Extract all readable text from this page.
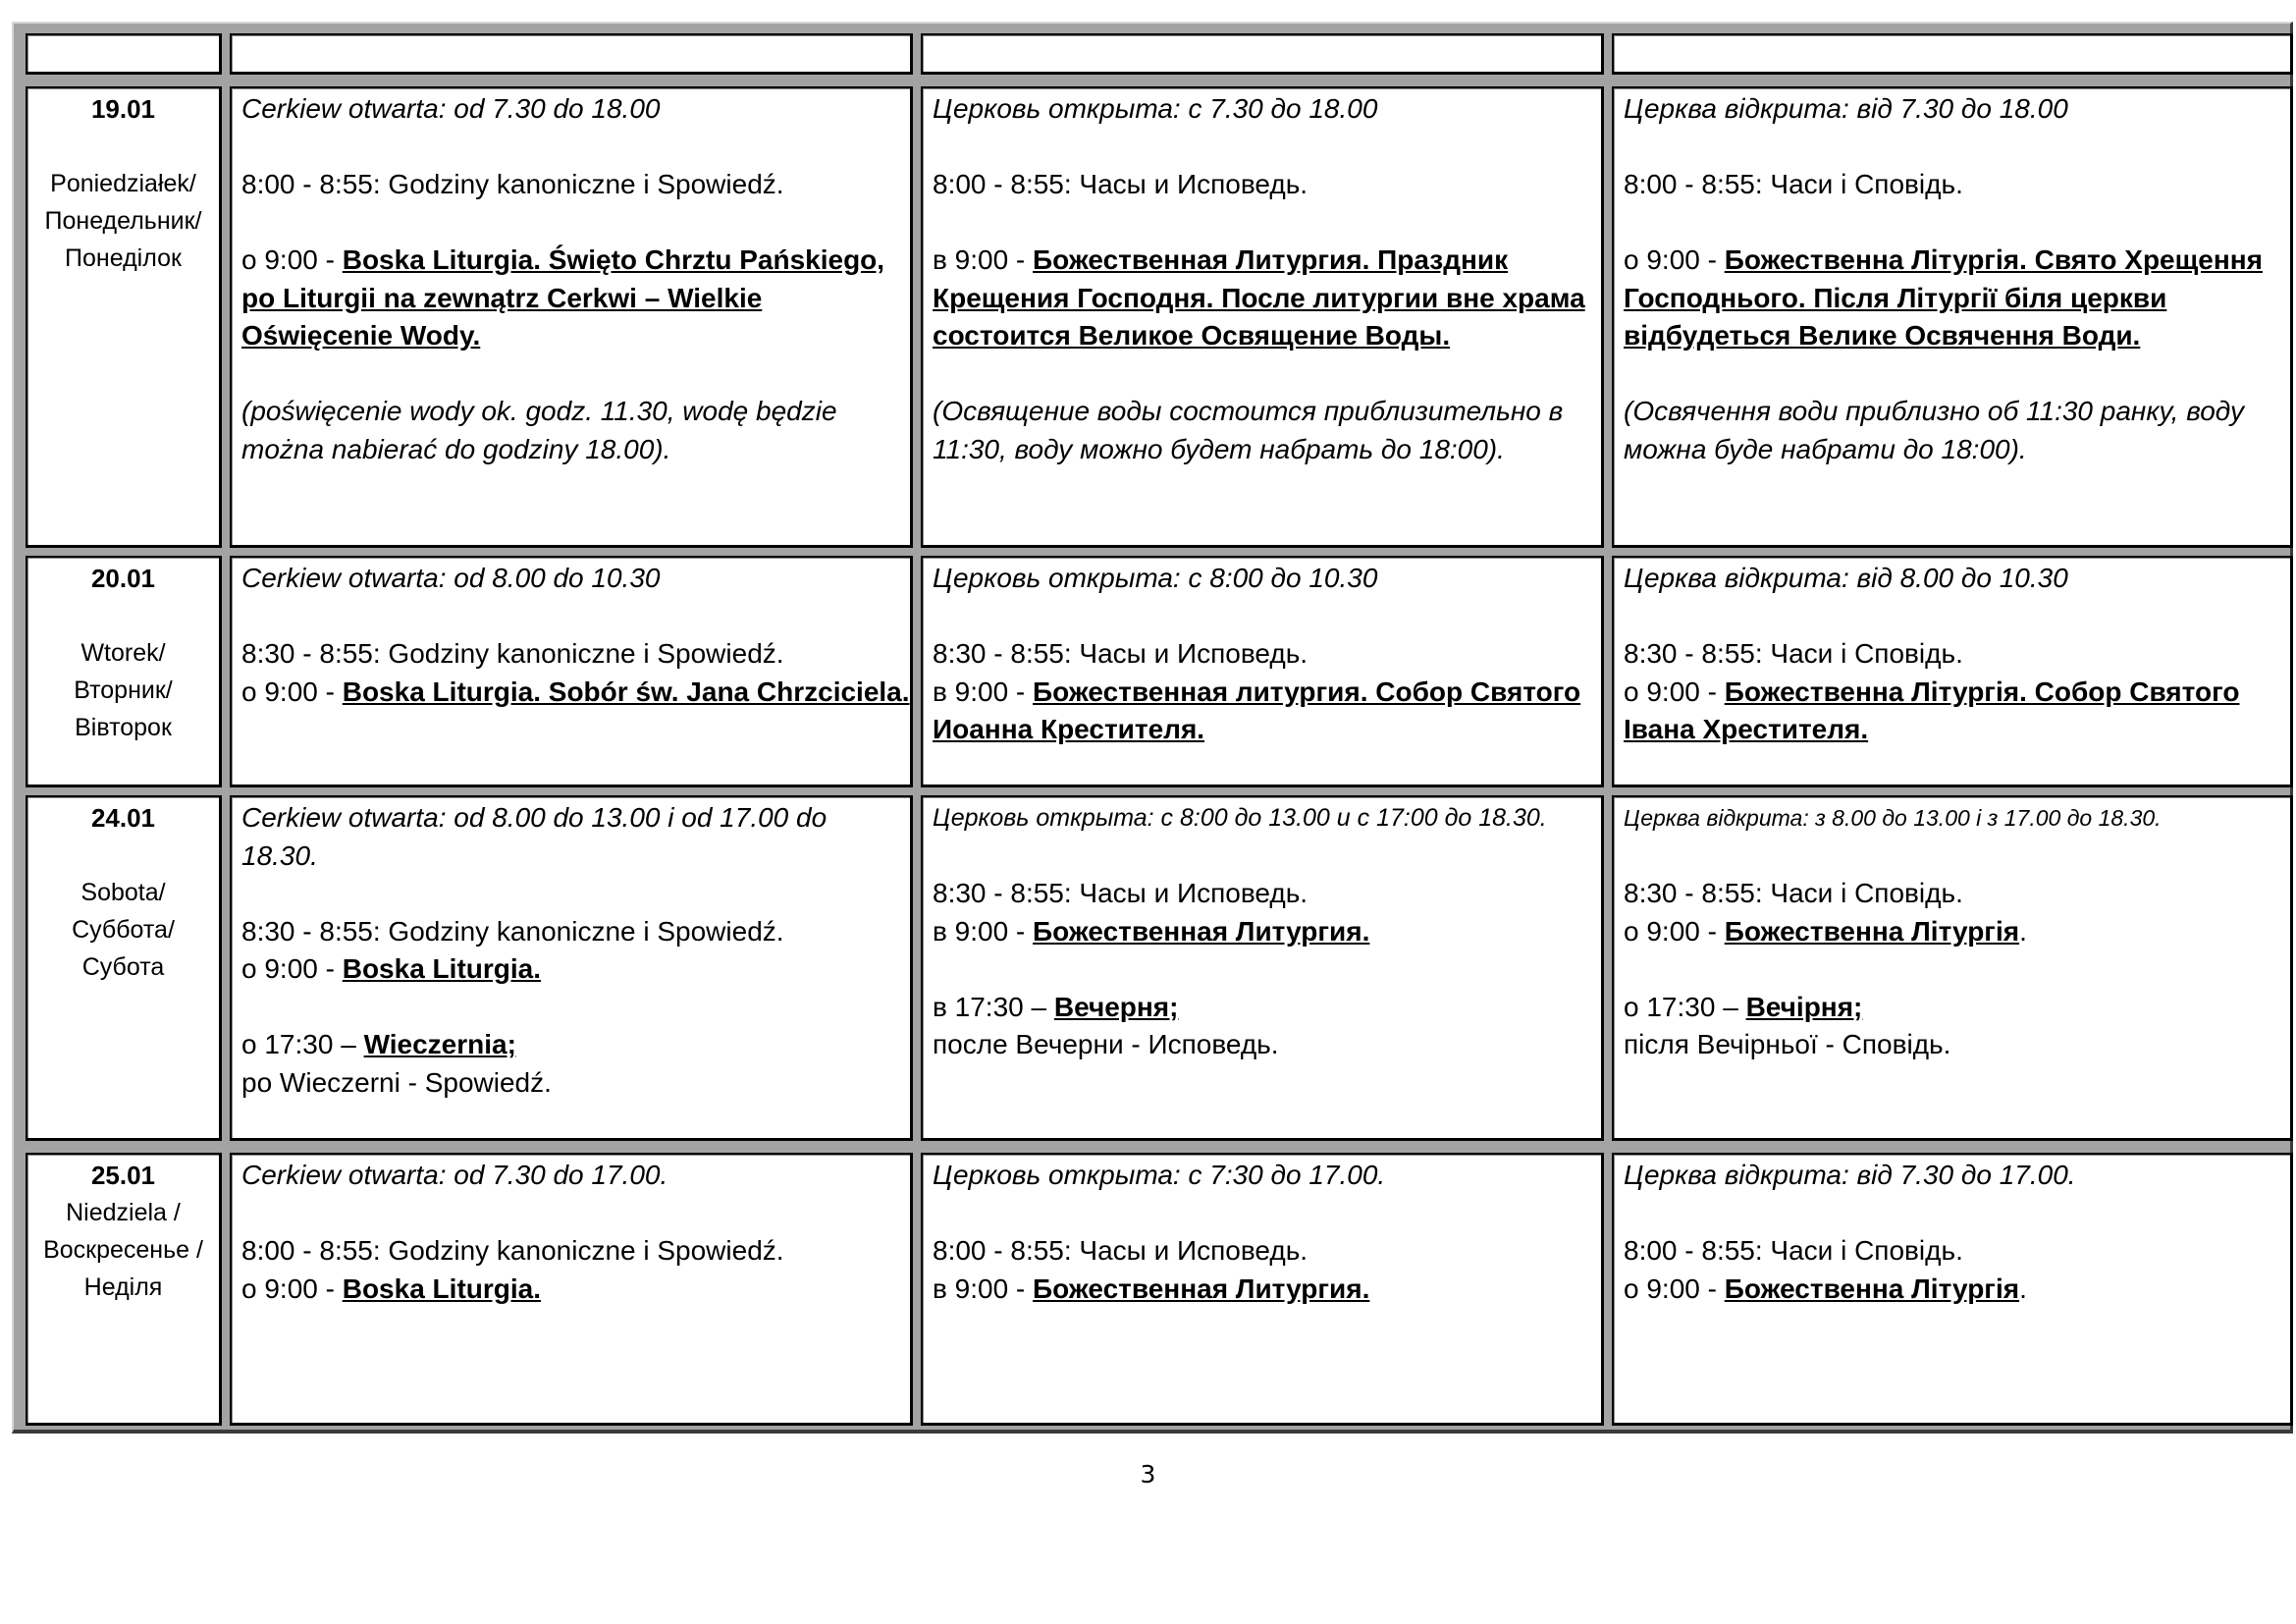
19.01
Poniedziałek/
Понедельник/
Понеділок

Cerkiew otwarta: od 7.30 do 18.00

8:00 - 8:55: Godziny kanoniczne i Spowiedź.

o 9:00 - Boska Liturgia. Święto Chrztu Pańskiego, po Liturgii na zewnątrz Cerkwi – Wielkie Oświęcenie Wody.

(poświęcenie wody ok. godz. 11.30, wodę będzie można nabierać do godziny 18.00).

Церковь открыта: с 7.30 до 18.00

8:00 - 8:55: Часы и Исповедь.

в 9:00 - Божественная Литургия. Праздник Крещения Господня. После литургии вне храма состоится Великое Освящение Воды.

(Освящение воды состоится приблизительно в 11:30, воду можно будет набрать до 18:00).

Церква відкрита: від 7.30 до 18.00

8:00 - 8:55: Часи і Сповідь.

о 9:00 - Божественна Літургія. Свято Хрещення Господнього. Після Літургії біля церкви відбудеться Велике Освячення Води.

(Освячення води приблизно об 11:30 ранку, воду можна буде набрати до 18:00).

20.01
Wtorek/
Вторник/
Вівторок

Cerkiew otwarta: od 8.00 do 10.30

8:30 - 8:55: Godziny kanoniczne i Spowiedź.

o 9:00 - Boska Liturgia. Sobór św. Jana Chrzciciela.

Церковь открыта: с 8:00 до 10.30

8:30 - 8:55: Часы и Исповедь.

в 9:00 - Божественная литургия. Собор Святого Иоанна Крестителя.

Церква відкрита: від 8.00 до 10.30

8:30 - 8:55: Часи і Сповідь.

о 9:00 - Божественна Літургія. Собор Святого Івана Хрестителя.

24.01
Sobota/
Суббота/
Субота

Cerkiew otwarta: od 8.00 do 13.00 i od 17.00 do 18.30.

8:30 - 8:55: Godziny kanoniczne i Spowiedź.

o 9:00 - Boska Liturgia.

o 17:30 – Wieczernia;

po Wieczerni - Spowiedź.

Церковь открыта: с 8:00 до 13.00 и с 17:00 до 18.30.

8:30 - 8:55: Часы и Исповедь.

в 9:00 - Божественная Литургия.

в 17:30 – Вечерня;

после Вечерни - Исповедь.

Церква відкрита: з 8.00 до 13.00 і з 17.00 до 18.30.

8:30 - 8:55: Часи і Сповідь.

о 9:00 - Божественна Літургія.

о 17:30 – Вечірня;

після Вечірньої - Сповідь.

25.01
Niedziela /
Воскресенье /
Неділя

Cerkiew otwarta: od 7.30 do 17.00.

8:00 - 8:55: Godziny kanoniczne i Spowiedź.

o 9:00 - Boska Liturgia.

Церковь открыта: с 7:30 до 17.00.

8:00 - 8:55: Часы и Исповедь.

в 9:00 - Божественная Литургия.

Церква відкрита: від 7.30 до 17.00.

8:00 - 8:55: Часи і Сповідь.

о 9:00 - Божественна Літургія.

3
